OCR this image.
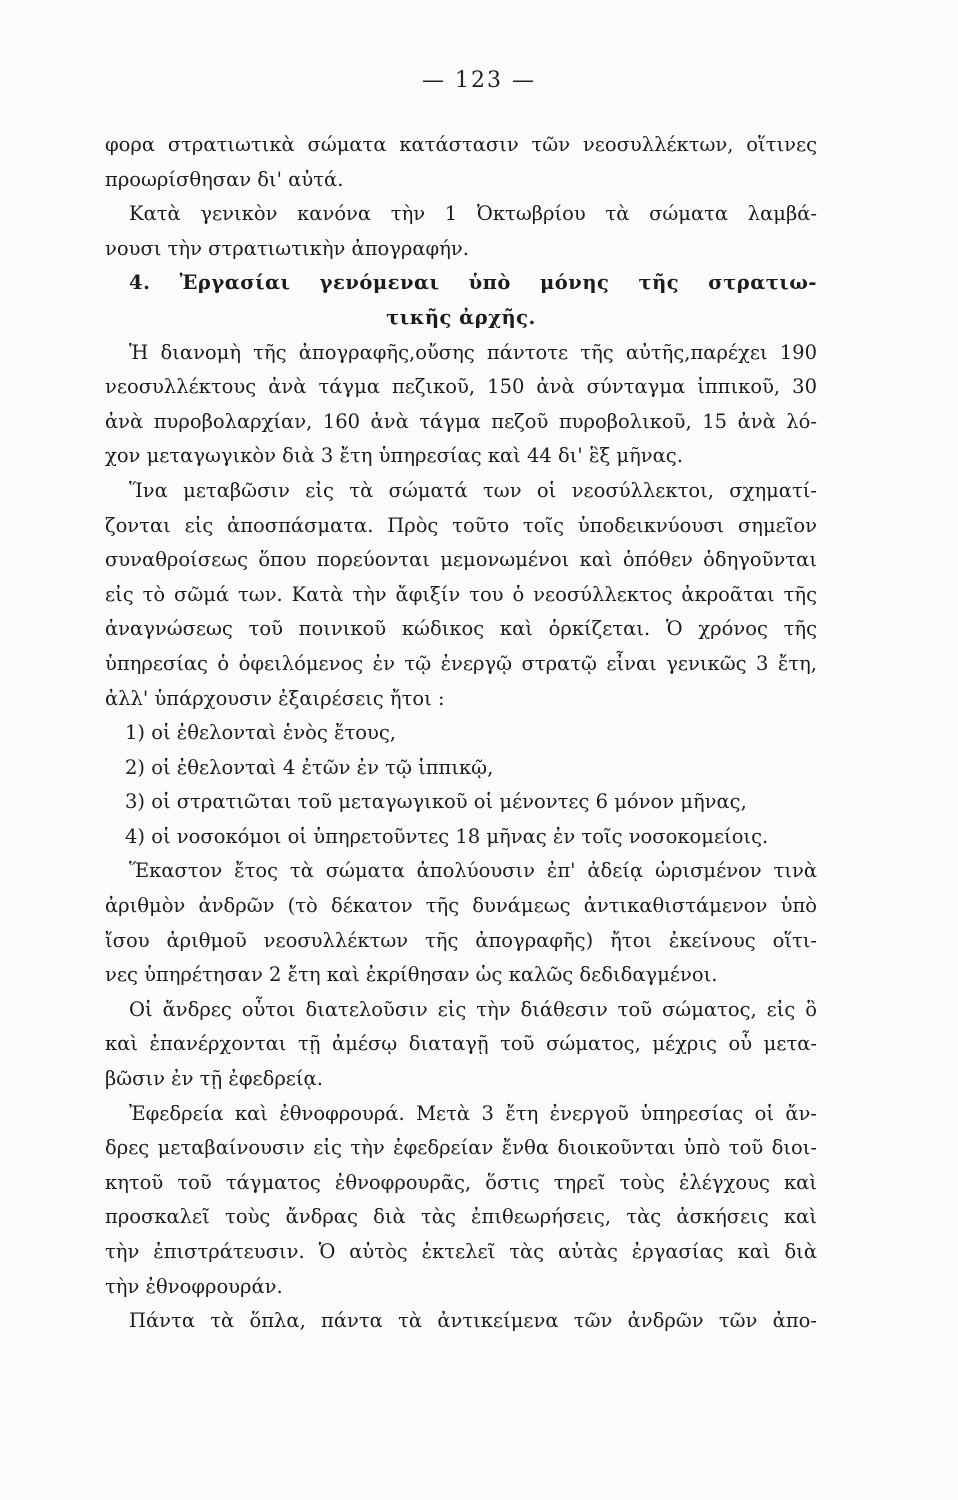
— 123 —
φορα στρατιωτικὰ σώματα κατάστασιν τῶν νεοσυλλέκτων, οἵτινες
προωρίσθησαν δι' αὐτά.
Κατὰ γενικὸν κανόνα τὴν 1 Ὀκτωβρίου τὰ σώματα λαμβά-
νουσι τὴν στρατιωτικὴν ἀπογραφήν.
4. Ἐργασίαι γενόμεναι ὑπὸ μόνης τῆς στρατιω-
τικῆς ἀρχῆς.
Ἡ διανομὴ τῆς ἀπογραφῆς,οὔσης πάντοτε τῆς αὐτῆς,παρέχει 190
νεοσυλλέκτους ἀνὰ τάγμα πεζικοῦ, 150 ἀνὰ σύνταγμα ἱππικοῦ, 30
ἀνὰ πυροβολαρχίαν, 160 ἀνὰ τάγμα πεζοῦ πυροβολικοῦ, 15 ἀνὰ λό-
χον μεταγωγικὸν διὰ 3 ἔτη ὑπηρεσίας καὶ 44 δι' ἓξ μῆνας.
Ἵνα μεταβῶσιν εἰς τὰ σώματά των οἱ νεοσύλλεκτοι, σχηματί-
ζονται εἰς ἀποσπάσματα. Πρὸς τοῦτο τοῖς ὑποδεικνύουσι σημεῖον
συναθροίσεως ὅπου πορεύονται μεμονωμένοι καὶ ὁπόθεν ὁδηγοῦνται
εἰς τὸ σῶμά των. Κατὰ τὴν ἄφιξίν του ὁ νεοσύλλεκτος ἀκροᾶται τῆς
ἀναγνώσεως τοῦ ποινικοῦ κώδικος καὶ ὁρκίζεται. Ὁ χρόνος τῆς
ὑπηρεσίας ὁ ὀφειλόμενος ἐν τῷ ἐνεργῷ στρατῷ εἶναι γενικῶς 3 ἔτη,
ἀλλ' ὑπάρχουσιν ἐξαιρέσεις ἤτοι :
1) οἱ ἐθελονταὶ ἑνὸς ἔτους,
2) οἱ ἐθελονταὶ 4 ἐτῶν ἐν τῷ ἱππικῷ,
3) οἱ στρατιῶται τοῦ μεταγωγικοῦ οἱ μένοντες 6 μόνον μῆνας,
4) οἱ νοσοκόμοι οἱ ὑπηρετοῦντες 18 μῆνας ἐν τοῖς νοσοκομείοις.
Ἕκαστον ἔτος τὰ σώματα ἀπολύουσιν ἐπ' ἀδείᾳ ὡρισμένον τινὰ
ἀριθμὸν ἀνδρῶν (τὸ δέκατον τῆς δυνάμεως ἀντικαθιστάμενον ὑπὸ
ἴσου ἀριθμοῦ νεοσυλλέκτων τῆς ἀπογραφῆς) ἤτοι ἐκείνους οἵτι-
νες ὑπηρέτησαν 2 ἔτη καὶ ἐκρίθησαν ὡς καλῶς δεδιδαγμένοι.
Οἱ ἄνδρες οὗτοι διατελοῦσιν εἰς τὴν διάθεσιν τοῦ σώματος, εἰς ὃ
καὶ ἐπανέρχονται τῇ ἀμέσῳ διαταγῇ τοῦ σώματος, μέχρις οὗ μετα-
βῶσιν ἐν τῇ ἐφεδρείᾳ.
Ἐφεδρεία καὶ ἐθνοφρουρά. Μετὰ 3 ἔτη ἐνεργοῦ ὑπηρεσίας οἱ ἄν-
δρες μεταβαίνουσιν εἰς τὴν ἐφεδρείαν ἔνθα διοικοῦνται ὑπὸ τοῦ διοι-
κητοῦ τοῦ τάγματος ἐθνοφρουρᾶς, ὅστις τηρεῖ τοὺς ἐλέγχους καὶ
προσκαλεῖ τοὺς ἄνδρας διὰ τὰς ἐπιθεωρήσεις, τὰς ἀσκήσεις καὶ
τὴν ἐπιστράτευσιν. Ὁ αὐτὸς ἐκτελεῖ τὰς αὐτὰς ἐργασίας καὶ διὰ
τὴν ἐθνοφρουράν.
Πάντα τὰ ὅπλα, πάντα τὰ ἀντικείμενα τῶν ἀνδρῶν τῶν ἀπο-
